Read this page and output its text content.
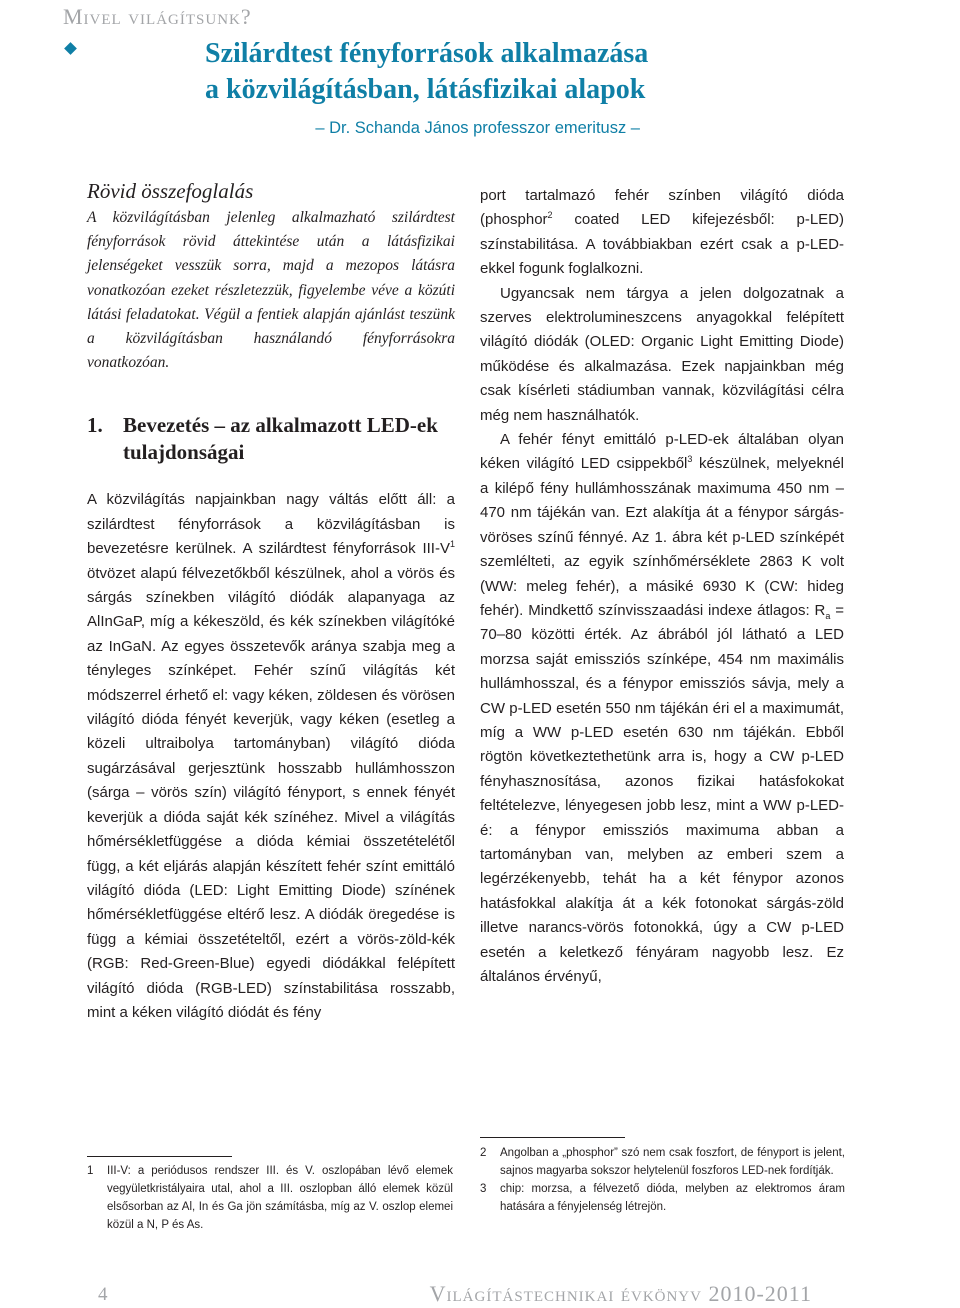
Mivel világítsunk?
Szilárdtest fényforrások alkalmazása
a közvilágításban, látásfizikai alapok
– Dr. Schanda János professzor emeritusz –
Rövid összefoglalás
A közvilágításban jelenleg alkalmazható szilárdtest fényforrások rövid áttekintése után a látásfizikai jelenségeket vesszük sorra, majd a mezopos látásra vonatkozóan ezeket részletezzük, figyelembe véve a közúti látási feladatokat. Végül a fentiek alapján ajánlást teszünk a közvilágításban használandó fényforrásokra vonatkozóan.
1. Bevezetés – az alkalmazott LED-ek tulajdonságai

A közvilágítás napjainkban nagy váltás előtt áll: a szilárdtest fényforrások a közvilágításban is bevezetésre kerülnek. A szilárdtest fényforrások III-$V^1$ ötvözet alapú félvezetőkből készülnek, ahol a vörös és sárgás színekben világító diódák alapanyaga az AlInGaP, míg a kékeszöld, és kék színekben világítóké az InGaN. Az egyes összetevők aránya szabja meg a tényleges színképet. Fehér színű világítás két módszerrel érhető el: vagy kéken, zöldesen és vörösen világító dióda fényét keverjük, vagy kéken (esetleg a közeli ultraibolya tartományban) világító dióda sugárzásával gerjesztünk hosszabb hullámhosszon (sárga – vörös szín) világító fényport, s ennek fényét keverjük a dióda saját kék színéhez. Mivel a világítás hőmérsékletfüggése a dióda kémiai összetételétől függ, a két eljárás alapján készített fehér színt emittáló világító dióda (LED: Light Emitting Diode) színének hőmérsékletfüggése eltérő lesz. A diódák öregedése is függ a kémiai összetételtől, ezért a vörös-zöld-kék (RGB: Red-Green-Blue) egyedi diódákkal felépített világító dióda (RGB-LED) színstabilitása rosszabb, mint a kéken világító diódát és fény

port tartalmazó fehér színben világító dióda (phosphor$^2$ coated LED kifejezésből: p-LED) színstabilitása. A továbbiakban ezért csak a p-LED-ekkel fogunk foglalkozni.

Ugyancsak nem tárgya a jelen dolgozatnak a szerves elektrolumineszcens anyagokkal felépített világító diódák (OLED: Organic Light Emitting Diode) működése és alkalmazása. Ezek napjainkban még csak kísérleti stádiumban vannak, közvilágítási célra még nem használhatók.

A fehér fényt emittáló p-LED-ek általában olyan kéken világító LED csippekből$^3$ készülnek, melyeknél a kilépő fény hullámhosszának maximuma 450 nm – 470 nm tájékán van. Ezt alakítja át a fénypor sárgás-vöröses színű fénnyé. Az 1. ábra két p-LED színképét szemlélteti, az egyik színhőmérséklete 2863 K volt (WW: meleg fehér), a másiké 6930 K (CW: hideg fehér). Mindkettő színvisszaadási indexe átlagos: $R_a = 70-80$ közötti érték. Az ábrából jól látható a LED morzsa saját emissziós színképe, 454 nm maximális hullámhosszal, és a fénypor emissziós sávja, mely a CW p-LED esetén 550 nm tájékán éri el a maximumát, míg a WW p-LED esetén 630 nm tájékán. Ebből rögtön következtethetünk arra is, hogy a CW p-LED fényhasznosítása, azonos fizikai hatásfokokat feltételezve, lényegesen jobb lesz, mint a WW p-LED-é: a fénypor emissziós maximuma abban a tartományban van, melyben az emberi szem a legérzékenyebb, tehát ha a két fénypor azonos hatásfokkal alakítja át a kék fotonokat sárgás-zöld illetve narancs-vörös fotonokká, úgy a CW p-LED esetén a keletkező fényáram nagyobb lesz. Ez általános érvényű,

1	III-V: a periódusos rendszer III. és V. oszlopában lévő elemek vegyületkristályaira utal, ahol a III. oszlopban álló elemek közül elsősorban az Al, In és Ga jön számításba, míg az V. oszlop elemei közül a N, P és As.
2	Angolban a „phosphor” szó nem csak foszfort, de fényport is jelent, sajnos magyarba sokszor helytelenül foszforos LED-nek fordítják.
3	chip: morzsa, a félvezető dióda, melyben az elektromos áram hatására a fényjelenség létrejön.
4	Világítástechnikai évkönyv 2010-2011
